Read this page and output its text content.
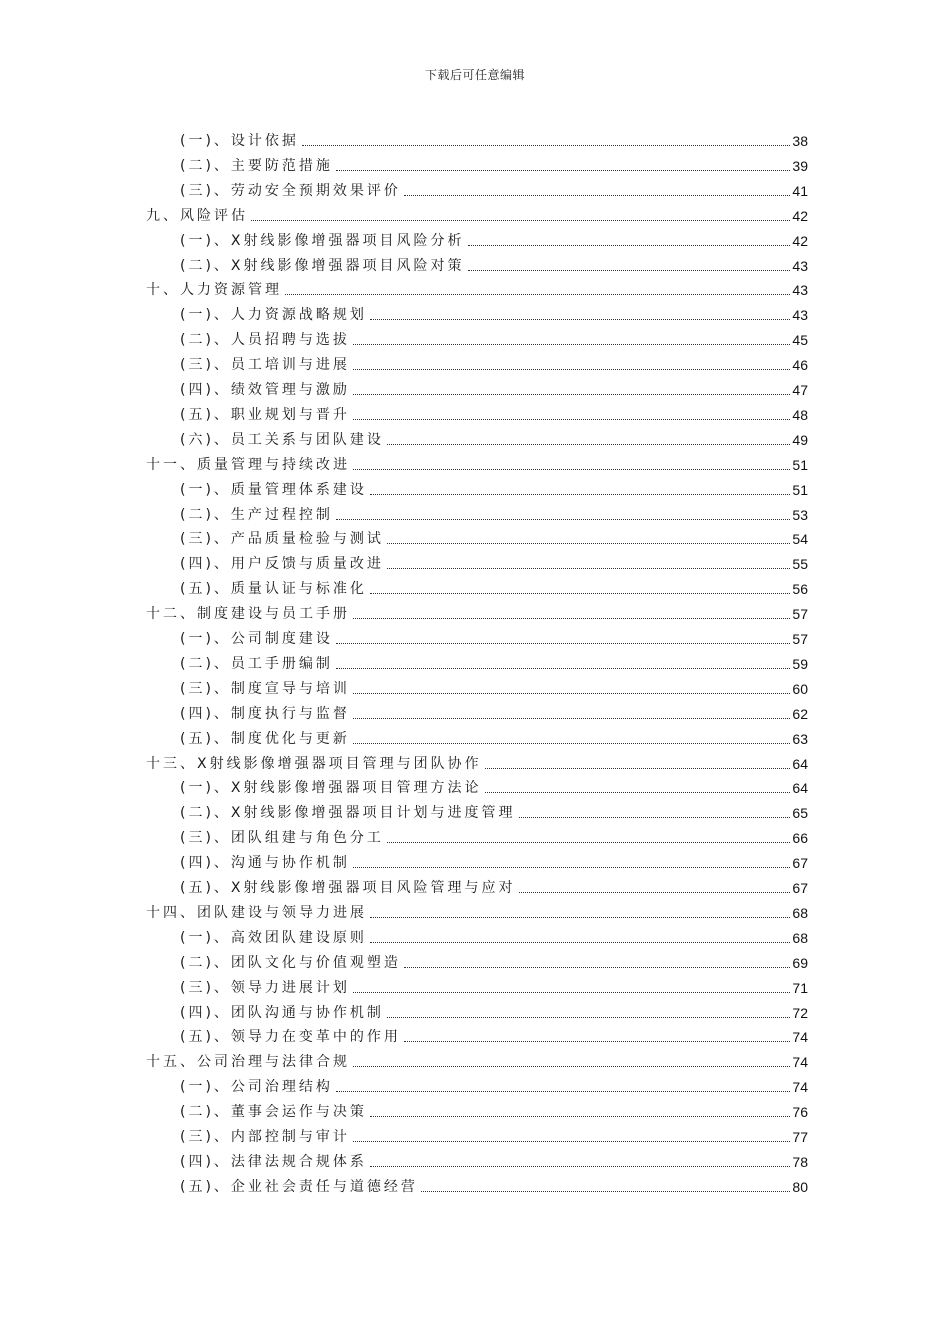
下载后可任意编辑
(一)、设计依据	38
(二)、主要防范措施	39
(三)、劳动安全预期效果评价	41
九、风险评估	42
(一)、X射线影像增强器项目风险分析	42
(二)、X射线影像增强器项目风险对策	43
十、人力资源管理	43
(一)、人力资源战略规划	43
(二)、人员招聘与选拔	45
(三)、员工培训与进展	46
(四)、绩效管理与激励	47
(五)、职业规划与晋升	48
(六)、员工关系与团队建设	49
十一、质量管理与持续改进	51
(一)、质量管理体系建设	51
(二)、生产过程控制	53
(三)、产品质量检验与测试	54
(四)、用户反馈与质量改进	55
(五)、质量认证与标准化	56
十二、制度建设与员工手册	57
(一)、公司制度建设	57
(二)、员工手册编制	59
(三)、制度宣导与培训	60
(四)、制度执行与监督	62
(五)、制度优化与更新	63
十三、X射线影像增强器项目管理与团队协作	64
(一)、X射线影像增强器项目管理方法论	64
(二)、X射线影像增强器项目计划与进度管理	65
(三)、团队组建与角色分工	66
(四)、沟通与协作机制	67
(五)、X射线影像增强器项目风险管理与应对	67
十四、团队建设与领导力进展	68
(一)、高效团队建设原则	68
(二)、团队文化与价值观塑造	69
(三)、领导力进展计划	71
(四)、团队沟通与协作机制	72
(五)、领导力在变革中的作用	74
十五、公司治理与法律合规	74
(一)、公司治理结构	74
(二)、董事会运作与决策	76
(三)、内部控制与审计	77
(四)、法律法规合规体系	78
(五)、企业社会责任与道德经营	80
